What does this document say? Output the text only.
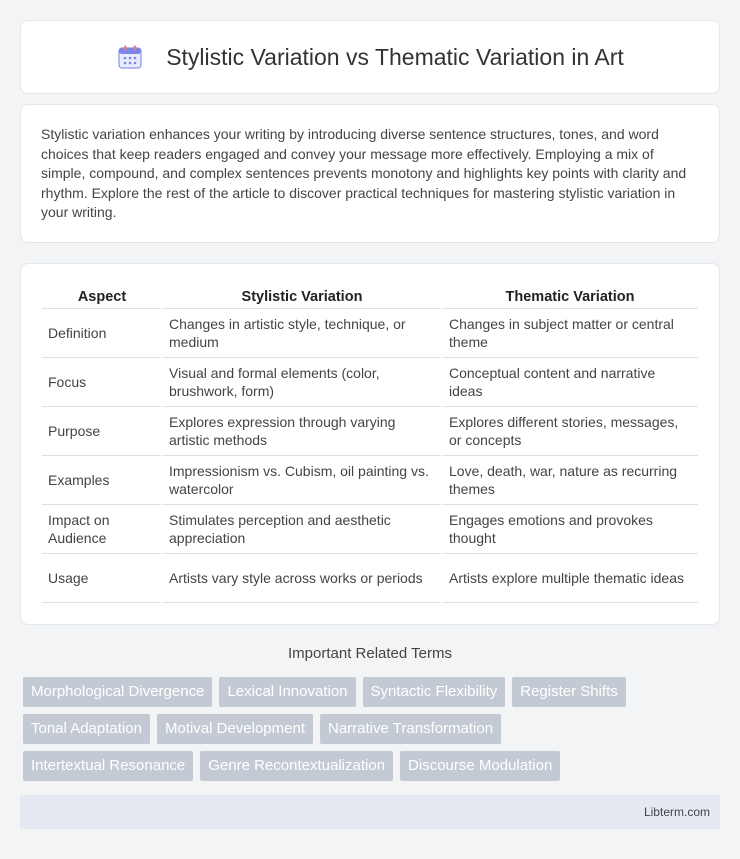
Stylistic Variation vs Thematic Variation in Art

Stylistic variation enhances your writing by introducing diverse sentence structures, tones, and word choices that keep readers engaged and convey your message more effectively. Employing a mix of simple, compound, and complex sentences prevents monotony and highlights key points with clarity and rhythm. Explore the rest of the article to discover practical techniques for mastering stylistic variation in your writing.

Aspect	Stylistic Variation	Thematic Variation
Definition	Changes in artistic style, technique, or medium	Changes in subject matter or central theme
Focus	Visual and formal elements (color, brushwork, form)	Conceptual content and narrative ideas
Purpose	Explores expression through varying artistic methods	Explores different stories, messages, or concepts
Examples	Impressionism vs. Cubism, oil painting vs. watercolor	Love, death, war, nature as recurring themes
Impact on Audience	Stimulates perception and aesthetic appreciation	Engages emotions and provokes thought
Usage	Artists vary style across works or periods	Artists explore multiple thematic ideas
Important Related Terms
Morphological Divergence	Lexical Innovation	Syntactic Flexibility	Register Shifts
Tonal Adaptation	Motival Development	Narrative Transformation
Intertextual Resonance	Genre Recontextualization	Discourse Modulation
Libterm.com
